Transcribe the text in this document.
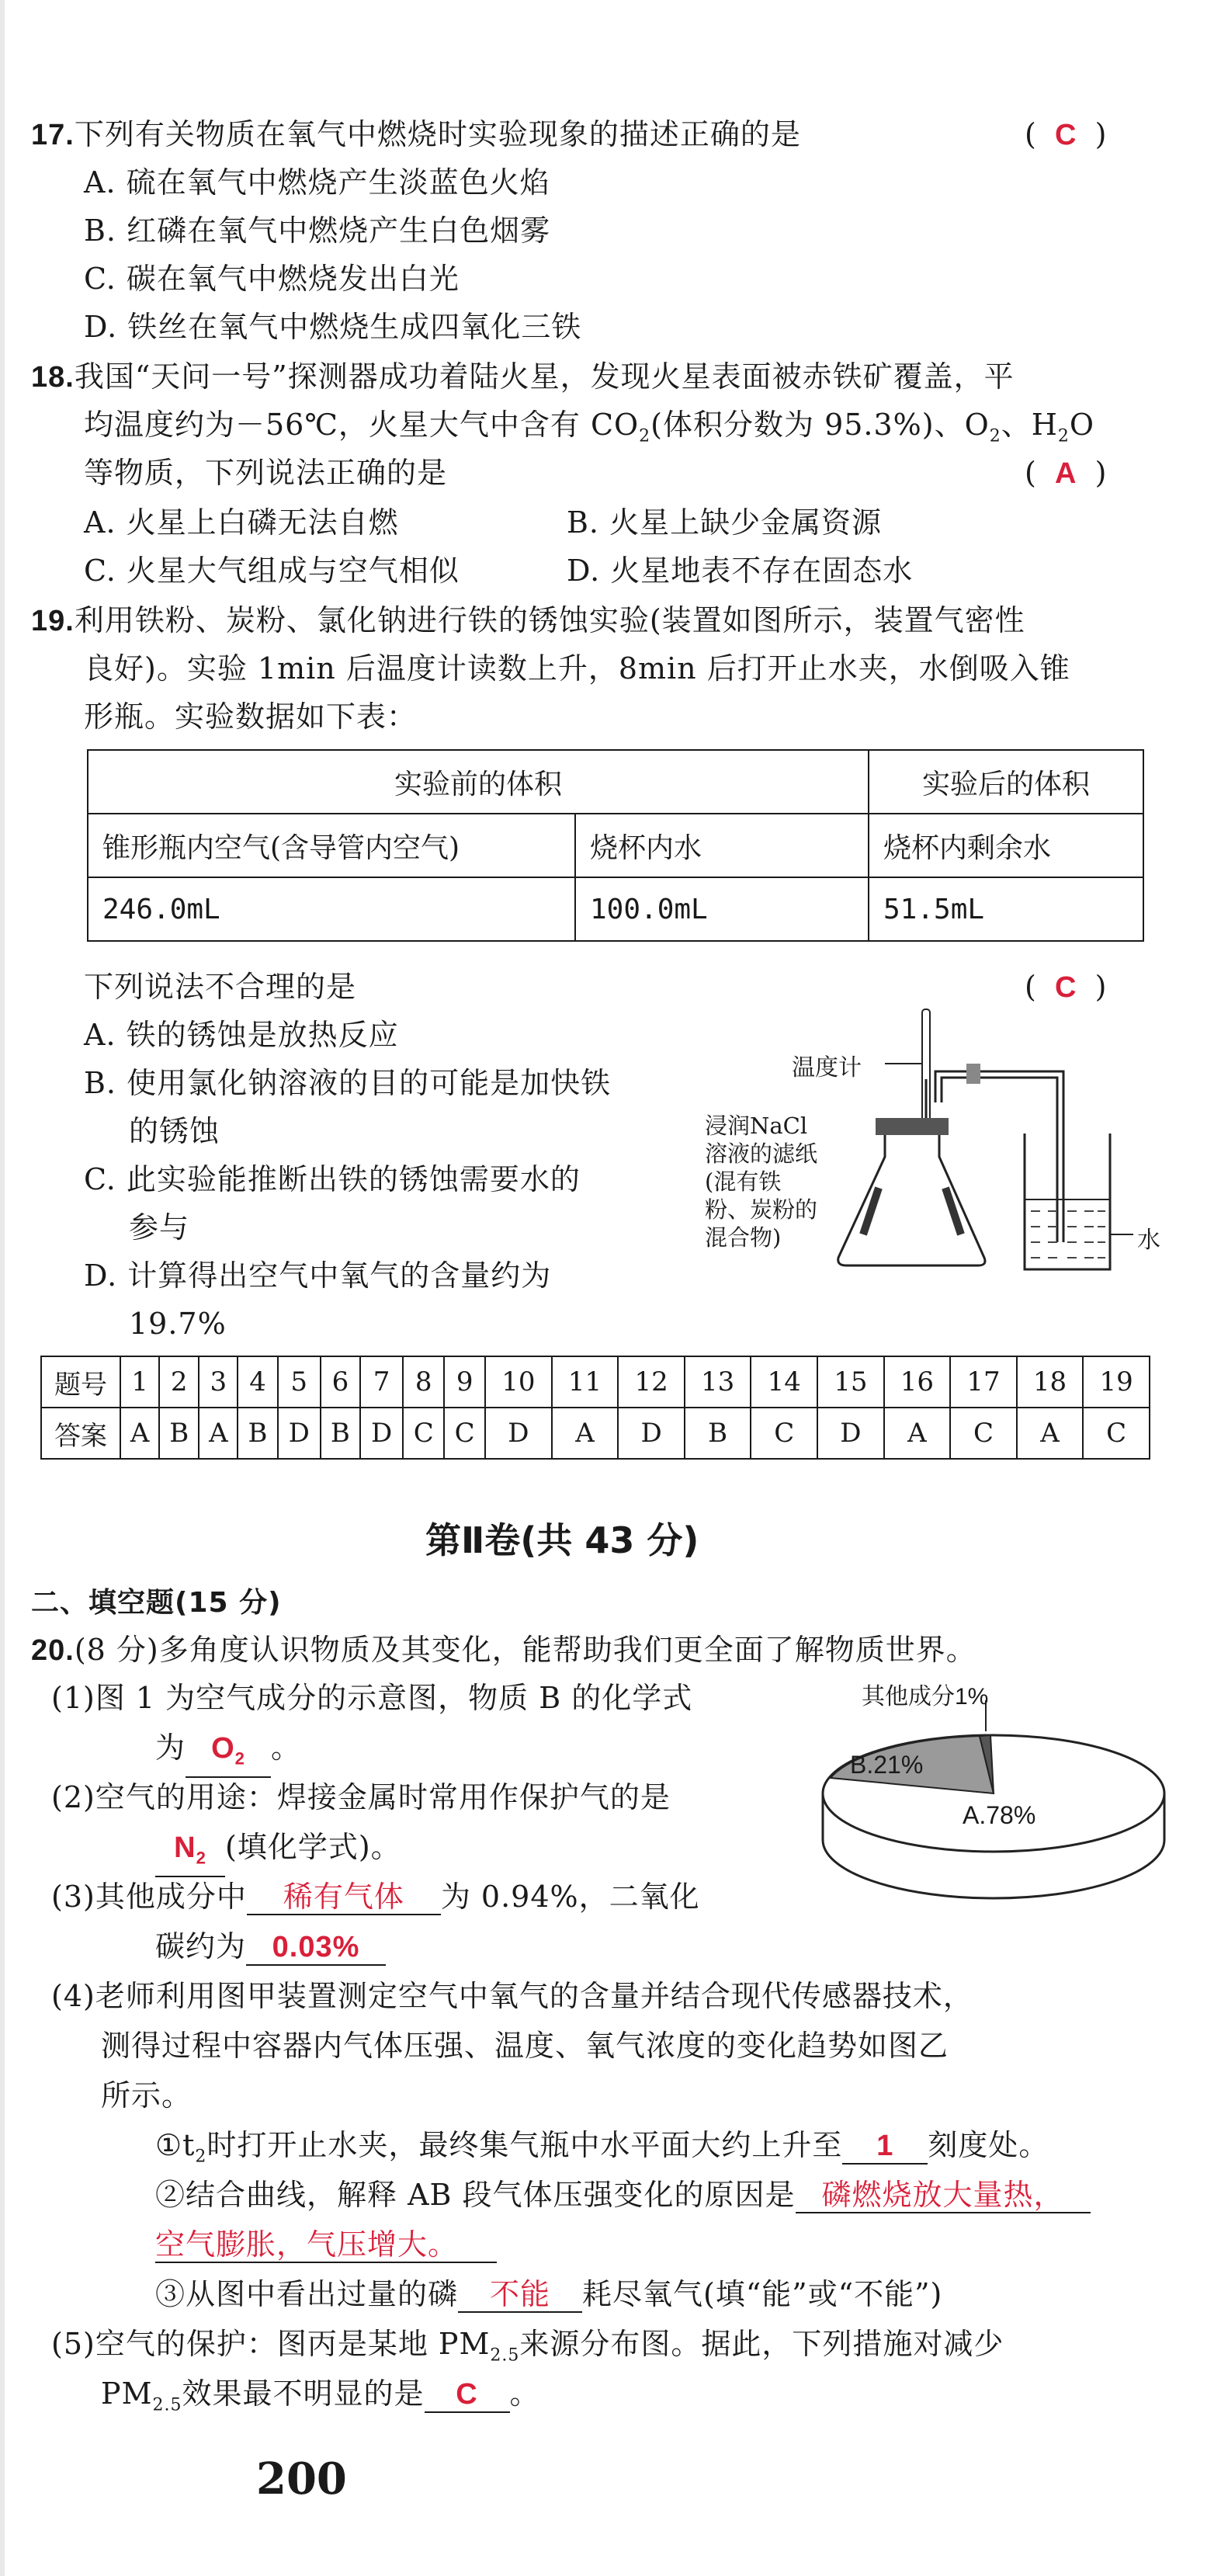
17.下列有关物质在氧气中燃烧时实验现象的描述正确的是	(  C  )
A. 硫在氧气中燃烧产生淡蓝色火焰
B. 红磷在氧气中燃烧产生白色烟雾
C. 碳在氧气中燃烧发出白光
D. 铁丝在氧气中燃烧生成四氧化三铁
18.我国“天问一号”探测器成功着陆火星，发现火星表面被赤铁矿覆盖，平
均温度约为－56℃，火星大气中含有 $CO_2$(体积分数为 95.3%)、$O_2$、$H_2O$
等物质，下列说法正确的是	(  A  )
A. 火星上白磷无法自燃	B. 火星上缺少金属资源
C. 火星大气组成与空气相似	D. 火星地表不存在固态水
19.利用铁粉、炭粉、氯化钠进行铁的锈蚀实验(装置如图所示，装置气密性
良好)。实验 1min 后温度计读数上升，8min 后打开止水夹，水倒吸入锥
形瓶。实验数据如下表：
实验前的体积		实验后的体积
锥形瓶内空气(含导管内空气)	烧杯内水	烧杯内剩余水
246.0mL	100.0mL	51.5mL
下列说法不合理的是	(  C  )
A. 铁的锈蚀是放热反应
B. 使用氯化钠溶液的目的可能是加快铁
的锈蚀
C. 此实验能推断出铁的锈蚀需要水的
参与
D. 计算得出空气中氧气的含量约为
19.7%
温度计
浸润NaCl
溶液的滤纸
(混有铁
粉、炭粉的
混合物)	水
题号	1	2	3	4	5	6	7	8	9	10	11	12	13	14	15	16	17	18	19
答案	A	B	A	B	D	B	D	C	C	D	A	D	B	C	D	A	C	A	C
第Ⅱ卷(共 43 分)
二、填空题(15 分)
20.(8 分)多角度认识物质及其变化，能帮助我们更全面了解物质世界。
(1)图 1 为空气成分的示意图，物质 B 的化学式
为 $O_2$ 。
(2)空气的用途：焊接金属时常用作保护气的是
$N_2$ (填化学式)。
(3)其他成分中 稀有气体 为 0.94%，二氧化
碳约为 0.03%
其他成分1%
B.21%
A.78%
(4)老师利用图甲装置测定空气中氧气的含量并结合现代传感器技术，
测得过程中容器内气体压强、温度、氧气浓度的变化趋势如图乙
所示。
$①t_2$时打开止水夹，最终集气瓶中水平面大约上升至 1 刻度处。
②结合曲线，解释 AB 段气体压强变化的原因是 磷燃烧放大量热，
空气膨胀，气压增大。
③从图中看出过量的磷 不能 耗尽氧气(填“能”或“不能”)
(5)空气的保护：图丙是某地 $PM_{2.5}$来源分布图。据此，下列措施对减少
$PM_{2.5}$效果最不明显的是 C 。
200
